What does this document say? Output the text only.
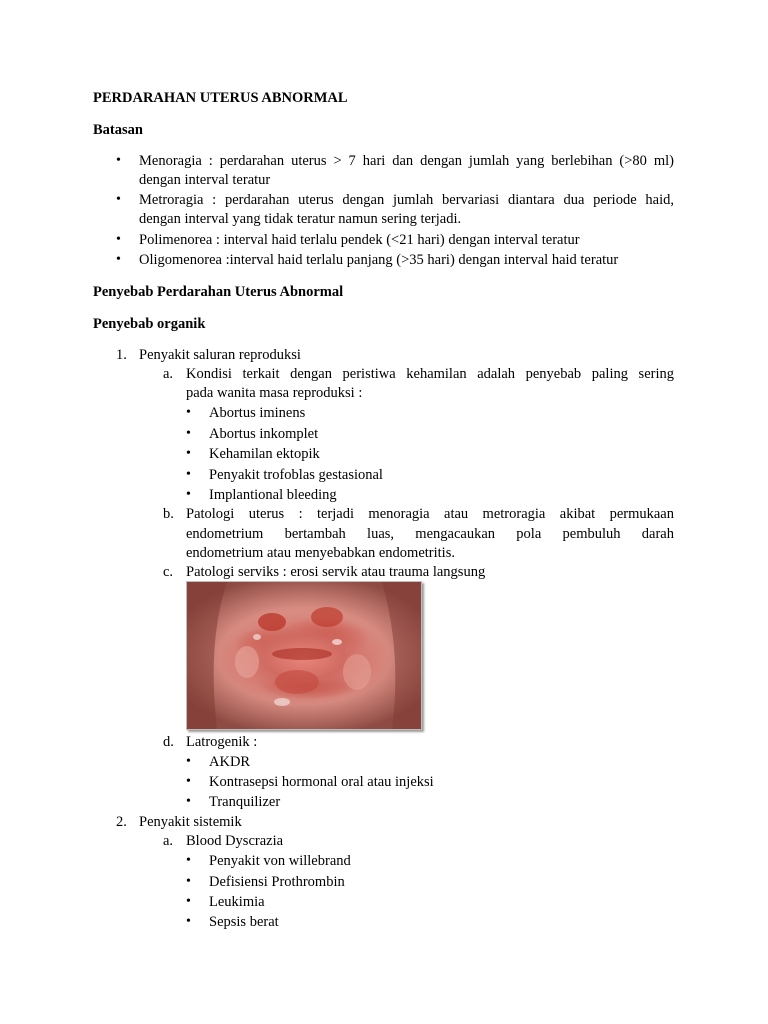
PERDARAHAN UTERUS ABNORMAL
Batasan
• Menoragia : perdarahan uterus > 7 hari dan dengan jumlah yang berlebihan (>80 ml)
dengan interval teratur
• Metroragia : perdarahan uterus dengan jumlah bervariasi diantara dua periode haid,
dengan interval yang tidak teratur namun sering terjadi.
• Polimenorea : interval haid terlalu pendek (<21 hari) dengan interval teratur
• Oligomenorea :interval haid terlalu panjang (>35 hari) dengan interval haid teratur
Penyebab Perdarahan Uterus Abnormal
Penyebab organik
1. Penyakit saluran reproduksi
a. Kondisi terkait dengan peristiwa kehamilan adalah penyebab paling sering
pada wanita masa reproduksi :
• Abortus iminens
• Abortus inkomplet
• Kehamilan ektopik
• Penyakit trofoblas gestasional
• Implantional bleeding
b. Patologi uterus : terjadi menoragia atau metroragia akibat permukaan
endometrium bertambah luas, mengacaukan pola pembuluh darah
endometrium atau menyebabkan endometritis.
c. Patologi serviks : erosi servik atau trauma langsung
d. Latrogenik :
• AKDR
• Kontrasepsi hormonal oral atau injeksi
• Tranquilizer
2. Penyakit sistemik
a. Blood Dyscrazia
• Penyakit von willebrand
• Defisiensi Prothrombin
• Leukimia
• Sepsis berat
